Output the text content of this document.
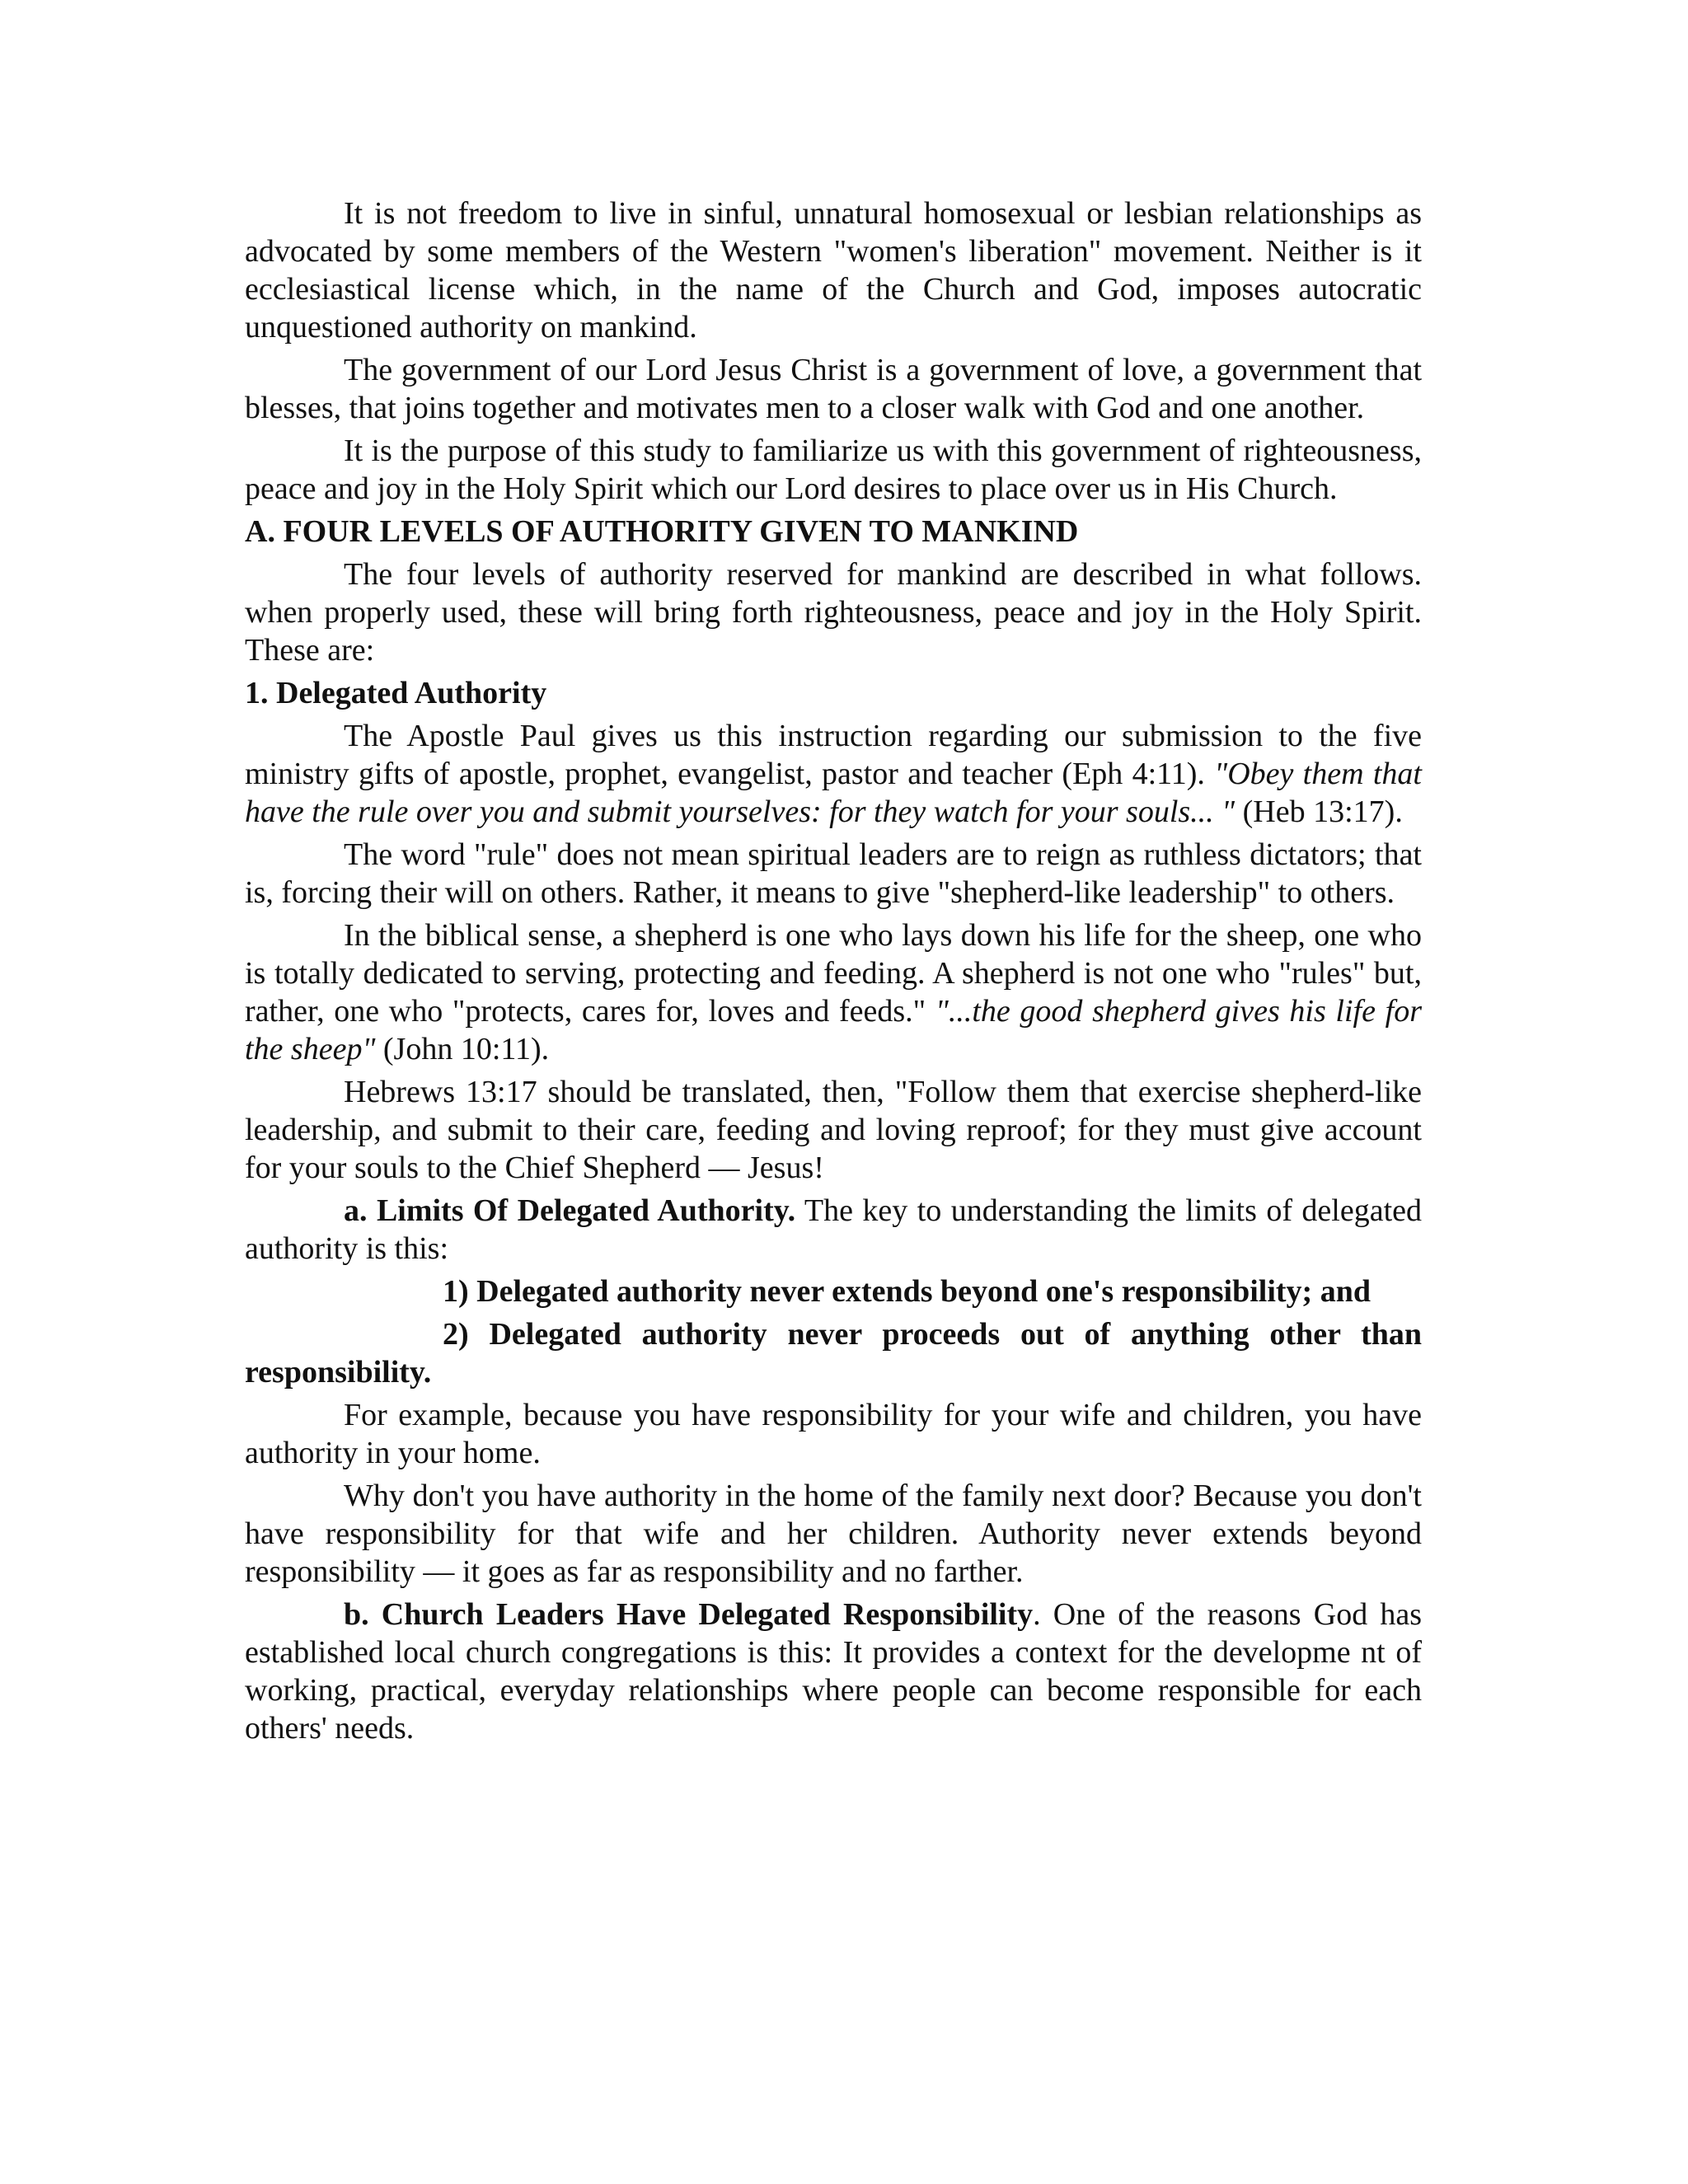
It is not freedom to live in sinful, unnatural homosexual or lesbian relationships as advocated by some members of the Western "women's liberation" movement. Neither is it ecclesiastical license which, in the name of the Church and God, imposes autocratic unquestioned authority on mankind.

The government of our Lord Jesus Christ is a government of love, a government that blesses, that joins together and motivates men to a closer walk with God and one another.

It is the purpose of this study to familiarize us with this government of righteousness, peace and joy in the Holy Spirit which our Lord desires to place over us in His Church.

A. FOUR LEVELS OF AUTHORITY GIVEN TO MANKIND

The four levels of authority reserved for mankind are described in what follows. when properly used, these will bring forth righteousness, peace and joy in the Holy Spirit. These are:

1. Delegated Authority

The Apostle Paul gives us this instruction regarding our submission to the five ministry gifts of apostle, prophet, evangelist, pastor and teacher (Eph 4:11). "Obey them that have the rule over you and submit yourselves: for they watch for your souls... " (Heb 13:17).

The word "rule" does not mean spiritual leaders are to reign as ruthless dictators; that is, forcing their will on others. Rather, it means to give "shepherd-like leadership" to others.

In the biblical sense, a shepherd is one who lays down his life for the sheep, one who is totally dedicated to serving, protecting and feeding. A shepherd is not one who "rules" but, rather, one who "protects, cares for, loves and feeds." "...the good shepherd gives his life for the sheep" (John 10:11).

Hebrews 13:17 should be translated, then, "Follow them that exercise shepherd-like leadership, and submit to their care, feeding and loving reproof; for they must give account for your souls to the Chief Shepherd — Jesus!

a. Limits Of Delegated Authority. The key to understanding the limits of delegated authority is this:

1) Delegated authority never extends beyond one's responsibility; and

2) Delegated authority never proceeds out of anything other than responsibility.

For example, because you have responsibility for your wife and children, you have authority in your home.

Why don't you have authority in the home of the family next door? Because you don't have responsibility for that wife and her children. Authority never extends beyond responsibility — it goes as far as responsibility and no farther.

b. Church Leaders Have Delegated Responsibility. One of the reasons God has established local church congregations is this: It provides a context for the developme nt of working, practical, everyday relationships where people can become responsible for each others' needs.
